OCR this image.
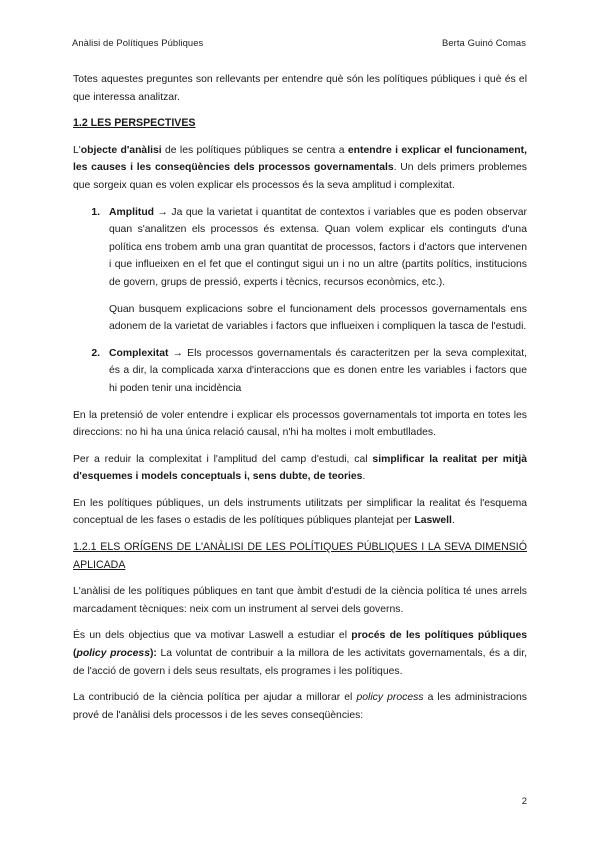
Anàlisi de Polítiques Públiques	Berta Guinó Comas

Totes aquestes preguntes son rellevants per entendre què són les polítiques públiques i què és el que interessa analitzar.

1.2 LES PERSPECTIVES

L'objecte d'anàlisi de les polítiques públiques se centra a entendre i explicar el funcionament, les causes i les conseqüències dels processos governamentals. Un dels primers problemes que sorgeix quan es volen explicar els processos és la seva amplitud i complexitat.

1. Amplitud → Ja que la varietat i quantitat de contextos i variables que es poden observar quan s'analitzen els processos és extensa. Quan volem explicar els continguts d'una política ens trobem amb una gran quantitat de processos, factors i d'actors que intervenen i que influeixen en el fet que el contingut sigui un i no un altre (partits polítics, institucions de govern, grups de pressió, experts i tècnics, recursos econòmics, etc.).

Quan busquem explicacions sobre el funcionament dels processos governamentals ens adonem de la varietat de variables i factors que influeixen i compliquen la tasca de l'estudi.

2. Complexitat → Els processos governamentals és caracteritzen per la seva complexitat, és a dir, la complicada xarxa d'interaccions que es donen entre les variables i factors que hi poden tenir una incidència

En la pretensió de voler entendre i explicar els processos governamentals tot importa en totes les direccions: no hi ha una única relació causal, n'hi ha moltes i molt embutllades.

Per a reduir la complexitat i l'amplitud del camp d'estudi, cal simplificar la realitat per mitjà d'esquemes i models conceptuals i, sens dubte, de teories.

En les polítiques públiques, un dels instruments utilitzats per simplificar la realitat és l'esquema conceptual de les fases o estadis de les polítiques públiques plantejat per Laswell.

1.2.1 ELS ORÍGENS DE L'ANÀLISI DE LES POLÍTIQUES PÚBLIQUES I LA SEVA DIMENSIÓ APLICADA

L'anàlisi de les polítiques públiques en tant que àmbit d'estudi de la ciència política té unes arrels marcadament tècniques: neix com un instrument al servei dels governs.

És un dels objectius que va motivar Laswell a estudiar el procés de les polítiques públiques (policy process): La voluntat de contribuir a la millora de les activitats governamentals, és a dir, de l'acció de govern i dels seus resultats, els programes i les polítiques.

La contribució de la ciència política per ajudar a millorar el policy process a les administracions prové de l'anàlisi dels processos i de les seves conseqüències:

2
